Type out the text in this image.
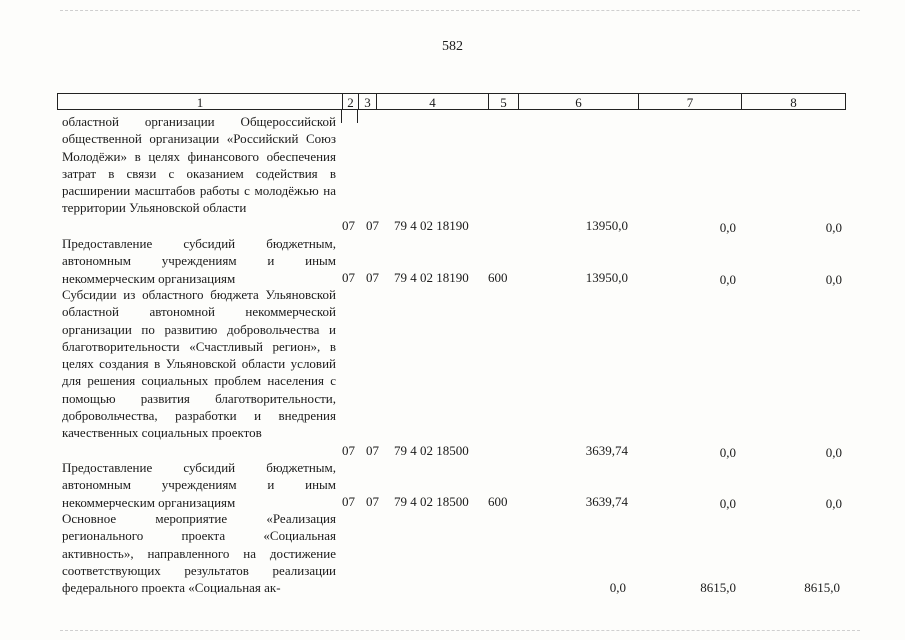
582
1	2 3	4	5	6	7	8
областной организации Общероссийской общественной организации «Российский Союз Молодёжи» в целях финансового обеспечения затрат в связи с оказанием содействия в расширении масштабов работы с молодёжью на территории Ульяновской области
07 07 79 4 02 18190	13950,0	0,0	0,0
Предоставление субсидий бюджетным, автономным учреждениям и иным некоммерческим организациям	07 07 79 4 02 18190 600	13950,0	0,0	0,0
Субсидии из областного бюджета Ульяновской областной автономной некоммерческой организации по развитию добровольчества и благотворительности «Счастливый регион», в целях создания в Ульяновской области условий для решения социальных проблем населения с помощью развития благотворительности, добровольчества, разработки и внедрения качественных социальных проектов
07 07 79 4 02 18500	3639,74	0,0	0,0
Предоставление субсидий бюджетным, автономным учреждениям и иным некоммерческим организациям	07 07 79 4 02 18500 600	3639,74	0,0	0,0
Основное мероприятие «Реализация регионального проекта «Социальная активность», направленного на достижение соответствующих результатов реализации федерального проекта «Социальная ак-	0,0	8615,0	8615,0
